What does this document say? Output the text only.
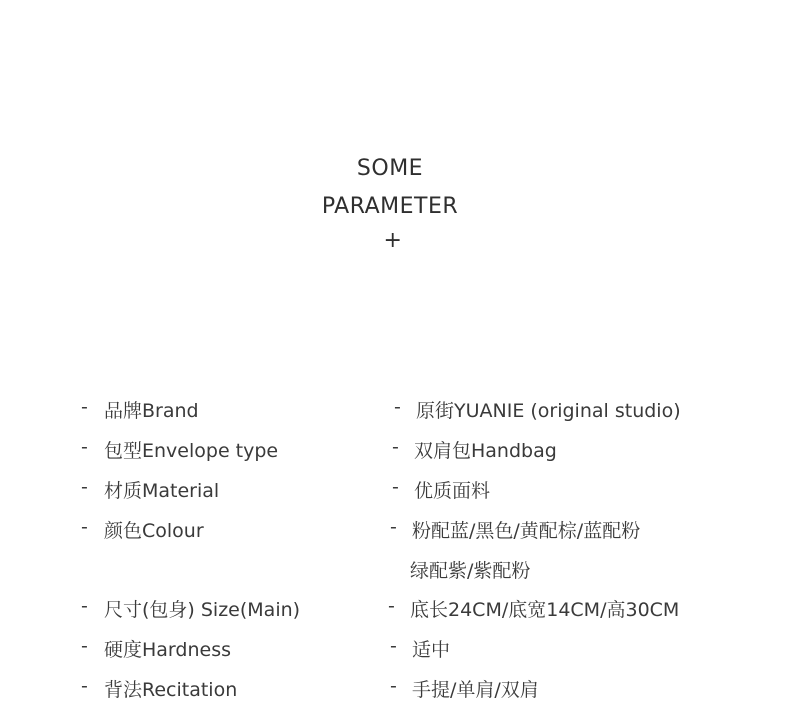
SOME
PARAMETER
+
- 品牌Brand	- 原街YUANIE (original studio)
- 包型Envelope type	- 双肩包Handbag
- 材质Material	- 优质面料
- 颜色Colour	- 粉配蓝/黑色/黄配棕/蓝配粉
绿配紫/紫配粉
- 尺寸(包身) Size(Main)	- 底长24CM/底宽14CM/高30CM
- 硬度Hardness	- 适中
- 背法Recitation	- 手提/单肩/双肩
